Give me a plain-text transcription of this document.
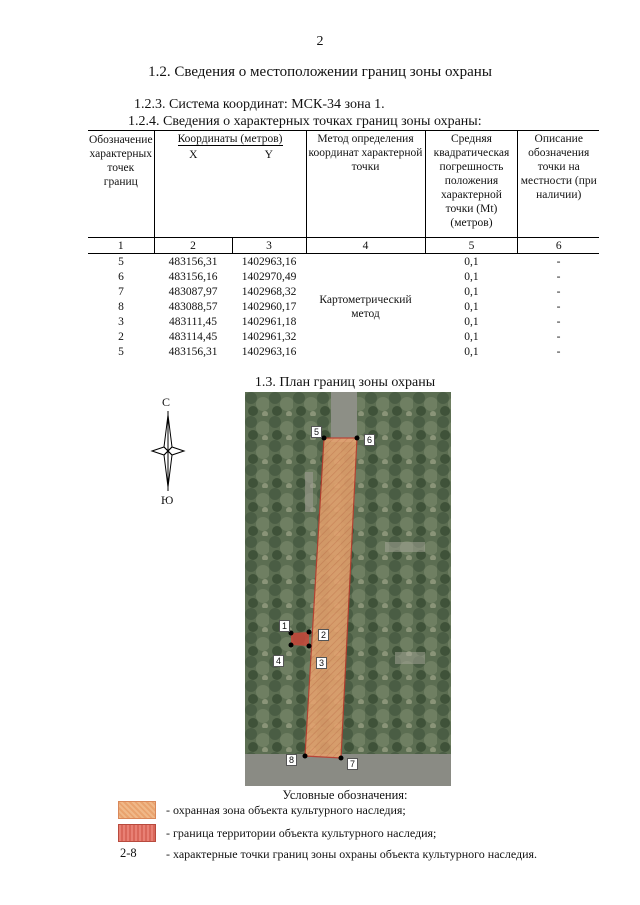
2
1.2. Сведения о местоположении границ зоны охраны
1.2.3. Система координат: МСК-34 зона 1.
1.2.4. Сведения о характерных точках границ зоны охраны:
Обозначение характерных точек границ	Координаты (метров)		Метод определения координат характерной точки	Средняя квадратическая погрешность положения характерной точки (Mt) (метров)	Описание обозначения точки на местности (при наличии)
	X	Y			
1	2	3	4	5	6
5	483156,31	1402963,16	Картометрический метод	0,1	-
6	483156,16	1402970,49		0,1	-
7	483087,97	1402968,32		0,1	-
8	483088,57	1402960,17		0,1	-
3	483111,45	1402961,18		0,1	-
2	483114,45	1402961,32		0,1	-
5	483156,31	1402963,16		0,1	-
1.3. План границ зоны охраны
С
Ю
5
6
1
2
4	3
8	7
Условные обозначения:
- охранная зона объекта культурного наследия;
- граница территории объекта культурного наследия;
2-8 - характерные точки границ зоны охраны объекта культурного наследия.
